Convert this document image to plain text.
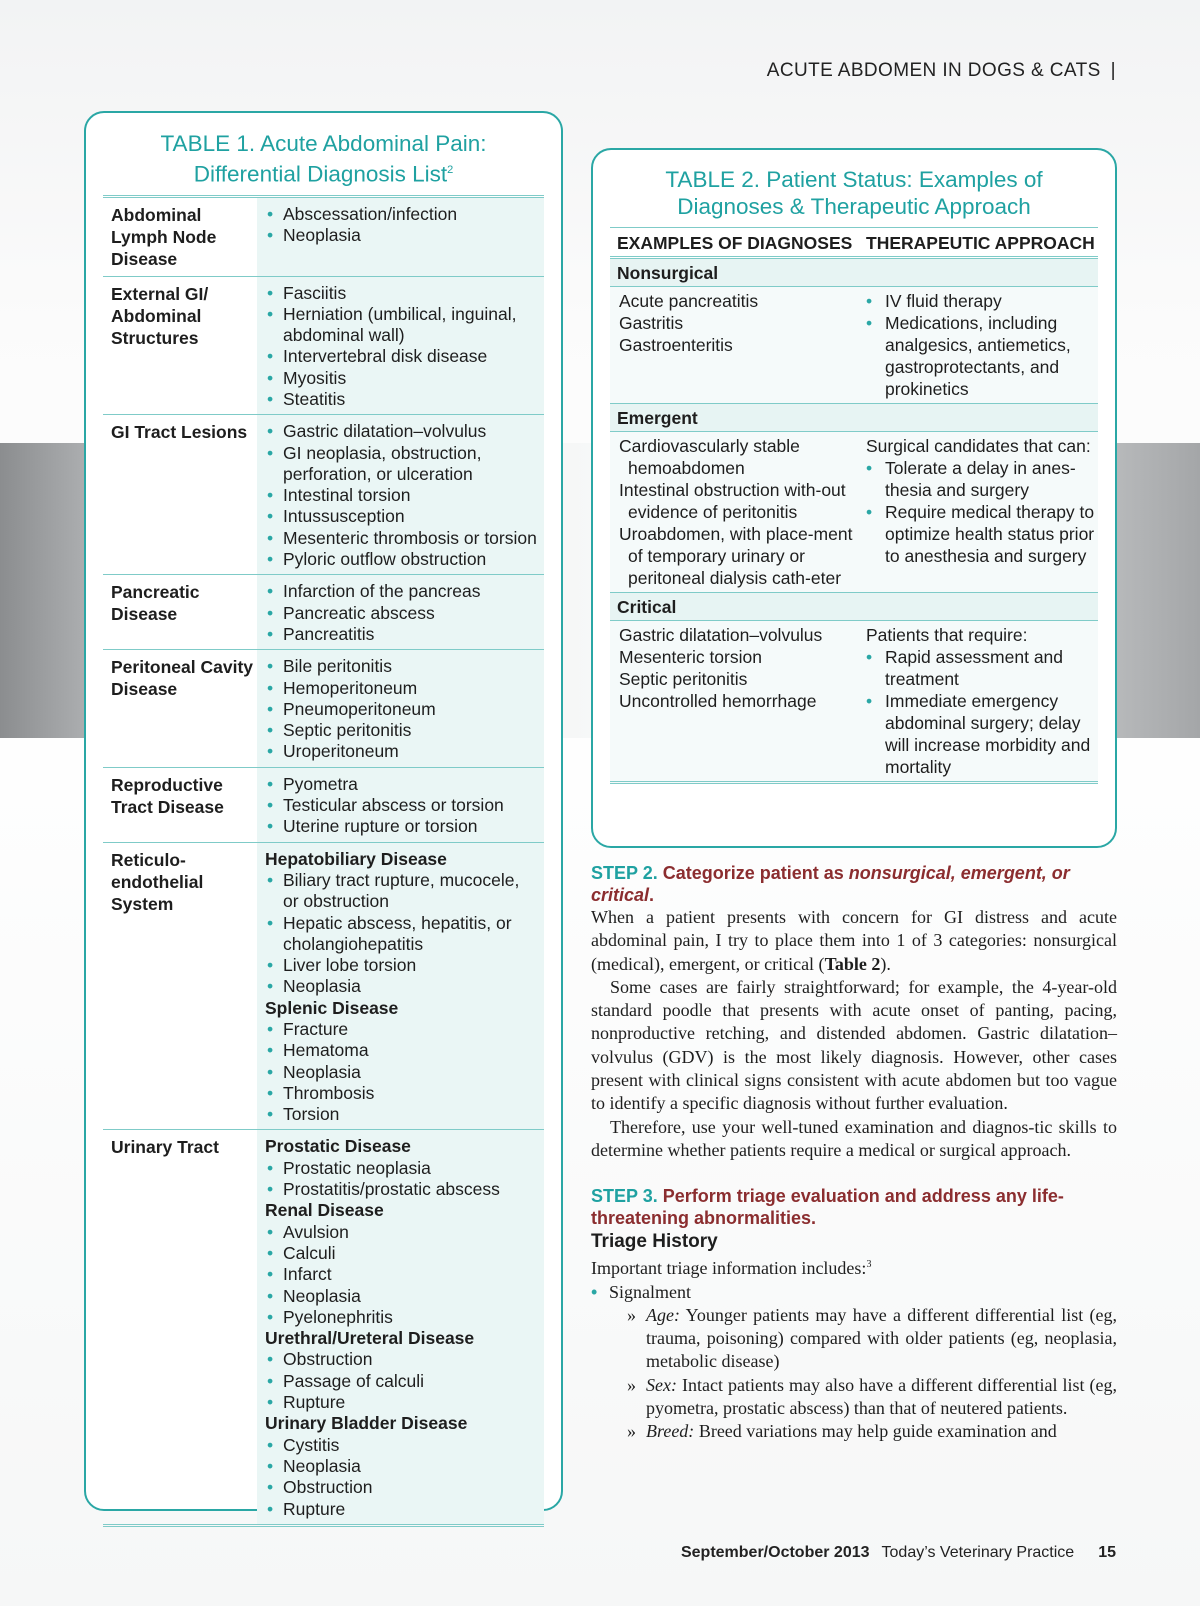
ACUTE ABDOMEN IN DOGS & CATS |
TABLE 1. Acute Abdominal Pain:
Differential Diagnosis List$^2$
Abdominal Lymph Node Disease
• Abscessation/infection
• Neoplasia
External GI/ Abdominal Structures
• Fasciitis
• Herniation (umbilical, inguinal, abdominal wall)
• Intervertebral disk disease
• Myositis
• Steatitis
GI Tract Lesions
•	Gastric dilatation–volvulus
• GI neoplasia, obstruction, perforation, or ulceration
• Intestinal torsion
• Intussusception
• Mesenteric thrombosis or torsion
• Pyloric outflow obstruction
Pancreatic Disease
• Infarction of the pancreas
• Pancreatic abscess
• Pancreatitis
Peritoneal Cavity Disease
• Bile peritonitis
• Hemoperitoneum
• Pneumoperitoneum
• Septic peritonitis
• Uroperitoneum
Reproductive Tract Disease
• Pyometra
• Testicular abscess or torsion
• Uterine rupture or torsion
Reticulo-endothelial System
Hepatobiliary Disease
• Biliary tract rupture, mucocele, or obstruction
• Hepatic abscess, hepatitis, or cholangiohepatitis
• Liver lobe torsion
• Neoplasia
Splenic Disease
• Fracture
• Hematoma
• Neoplasia
• Thrombosis
• Torsion
Urinary Tract	Prostatic Disease
• Prostatic neoplasia
• Prostatitis/prostatic abscess
Renal Disease
• Avulsion
• Calculi
• Infarct
• Neoplasia
• Pyelonephritis
Urethral/Ureteral Disease
• Obstruction
• Passage of calculi
• Rupture
Urinary Bladder Disease
• Cystitis
• Neoplasia
• Obstruction
• Rupture
TABLE 2. Patient Status: Examples of
Diagnoses & Therapeutic Approach
EXAMPLES OF DIAGNOSES THERAPEUTIC APPROACH
Nonsurgical
Acute pancreatitis
Gastritis
Gastroenteritis
• IV fluid therapy
• Medications, including analgesics, antiemetics, gastroprotectants, and prokinetics
Emergent
Cardiovascularly stable hemoabdomen
Intestinal obstruction with-out evidence of peritonitis
Uroabdomen, with place-ment of temporary urinary or peritoneal dialysis cath-eter
Surgical candidates that can:
• Tolerate a delay in anes-thesia and surgery
• Require medical therapy to optimize health status prior to anesthesia and surgery
Critical
Gastric dilatation–volvulus
Mesenteric torsion
Septic peritonitis
Uncontrolled hemorrhage
Patients that require:
• Rapid assessment and treatment
• Immediate emergency abdominal surgery; delay will increase morbidity and mortality
STEP 2. Categorize patient as nonsurgical, emergent, or critical.

When a patient presents with concern for GI distress and acute abdominal pain, I try to place them into 1 of 3 categories: nonsurgical (medical), emergent, or critical (Table 2).

Some cases are fairly straightforward; for example, the 4-year-old standard poodle that presents with acute onset of panting, pacing, nonproductive retching, and distended abdomen. Gastric dilatation–volvulus (GDV) is the most likely diagnosis. However, other cases present with clinical signs consistent with acute abdomen but too vague to identify a specific diagnosis without further evaluation.

Therefore, use your well-tuned examination and diagnos-tic skills to determine whether patients require a medical or surgical approach.

STEP 3. Perform triage evaluation and address any life-threatening abnormalities.
Triage History

Important triage information includes:$^3$

• Signalment
» Age: Younger patients may have a different differential list (eg, trauma, poisoning) compared with older patients (eg, neoplasia, metabolic disease)
» Sex: Intact patients may also have a different differential list (eg, pyometra, prostatic abscess) than that of neutered patients.
» Breed: Breed variations may help guide examination and
September/October 2013 Today’s Veterinary Practice 15
